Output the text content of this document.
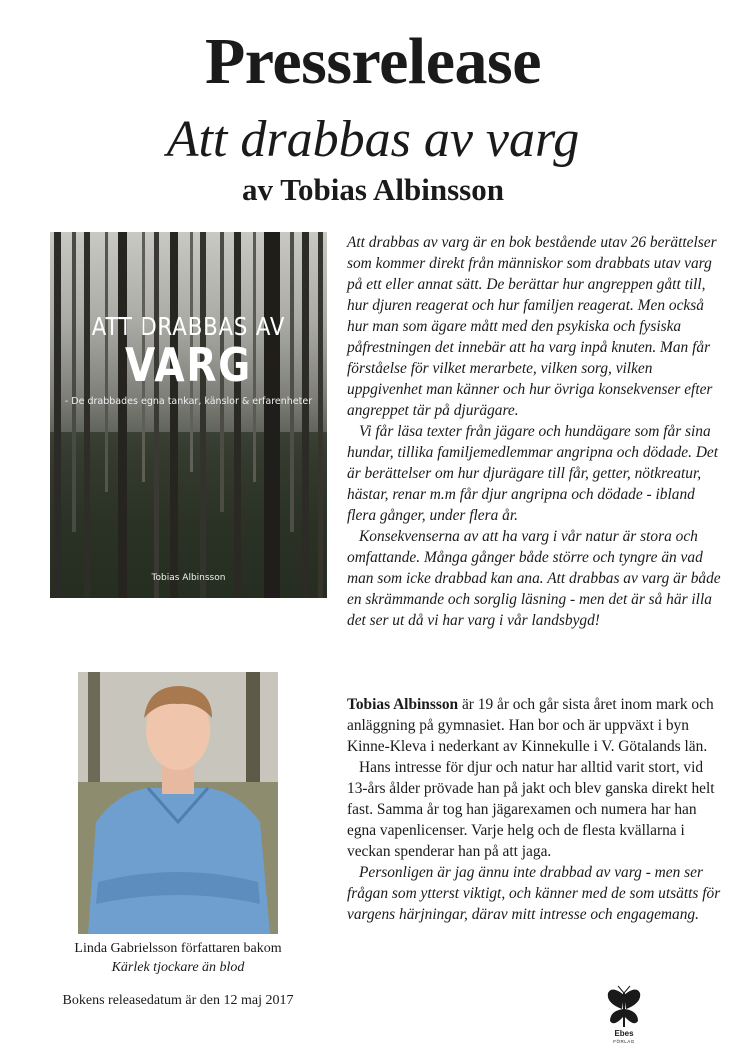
Pressrelease
Att drabbas av varg
av Tobias Albinsson
ATT DRABBAS AV
VARG
- De drabbades egna tankar, känslor & erfarenheter
Tobias Albinsson
Linda Gabrielsson författaren bakom
Kärlek tjockare än blod
Bokens releasedatum är den 12 maj 2017

Att drabbas av varg är en bok bestående utav 26 berättelser som kommer direkt från människor som drabbats utav varg på ett eller annat sätt. De berättar hur angreppen gått till, hur djuren reagerat och hur familjen reagerat. Men också hur man som ägare mått med den psykiska och fysiska påfrestningen det innebär att ha varg inpå knuten. Man får förståelse för vilket merarbete, vilken sorg, vilken uppgivenhet man känner och hur övriga konsekvenser efter angreppet tär på djurägare.

Vi får läsa texter från jägare och hundägare som får sina hundar, tillika familjemedlemmar angripna och dödade. Det är berättelser om hur djurägare till får, getter, nötkreatur, hästar, renar m.m får djur angripna och dödade - ibland flera gånger, under flera år.

Konsekvenserna av att ha varg i vår natur är stora och omfattande. Många gånger både större och tyngre än vad man som icke drabbad kan ana. Att drabbas av varg är både en skrämmande och sorglig läsning - men det är så här illa det ser ut då vi har varg i vår landsbygd!

Tobias Albinsson är 19 år och går sista året inom mark och anläggning på gymnasiet. Han bor och är uppväxt i byn Kinne-Kleva i nederkant av Kinnekulle i V. Götalands län.

Hans intresse för djur och natur har alltid varit stort, vid 13-års ålder prövade han på jakt och blev ganska direkt helt fast. Samma år tog han jägarexamen och numera har han egna vapenlicenser. Varje helg och de flesta kvällarna i veckan spenderar han på att jaga.

Personligen är jag ännu inte drabbad av varg - men ser frågan som ytterst viktigt, och känner med de som utsätts för vargens härjningar, därav mitt intresse och engagemang.

Ebes
FÖRLAG
